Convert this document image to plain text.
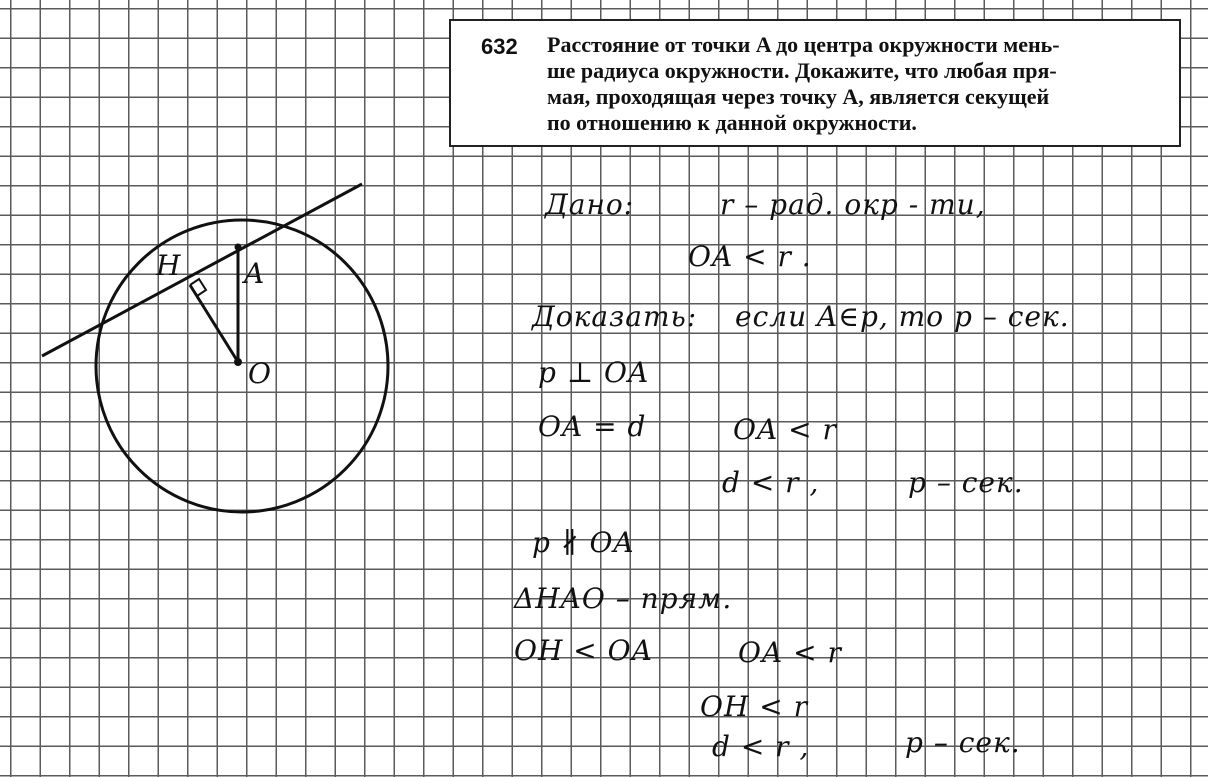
632 Расстояние от точки A до центра окружности мень-
ше радиуса окружности. Докажите, что любая пря-
мая, проходящая через точку A, является секущей
по отношению к данной окружности.
H A
O
Дано:	r – рад. окр - ти,
OA < r .
Доказать: если A∈p, то p – сек.
p ⊥ OA
OA = d	OA < r
d < r ,	p – сек.
p ∦ OA
ΔHAO – прям.
OH < OA	OA < r
OH < r
d < r ,	p – сек.
